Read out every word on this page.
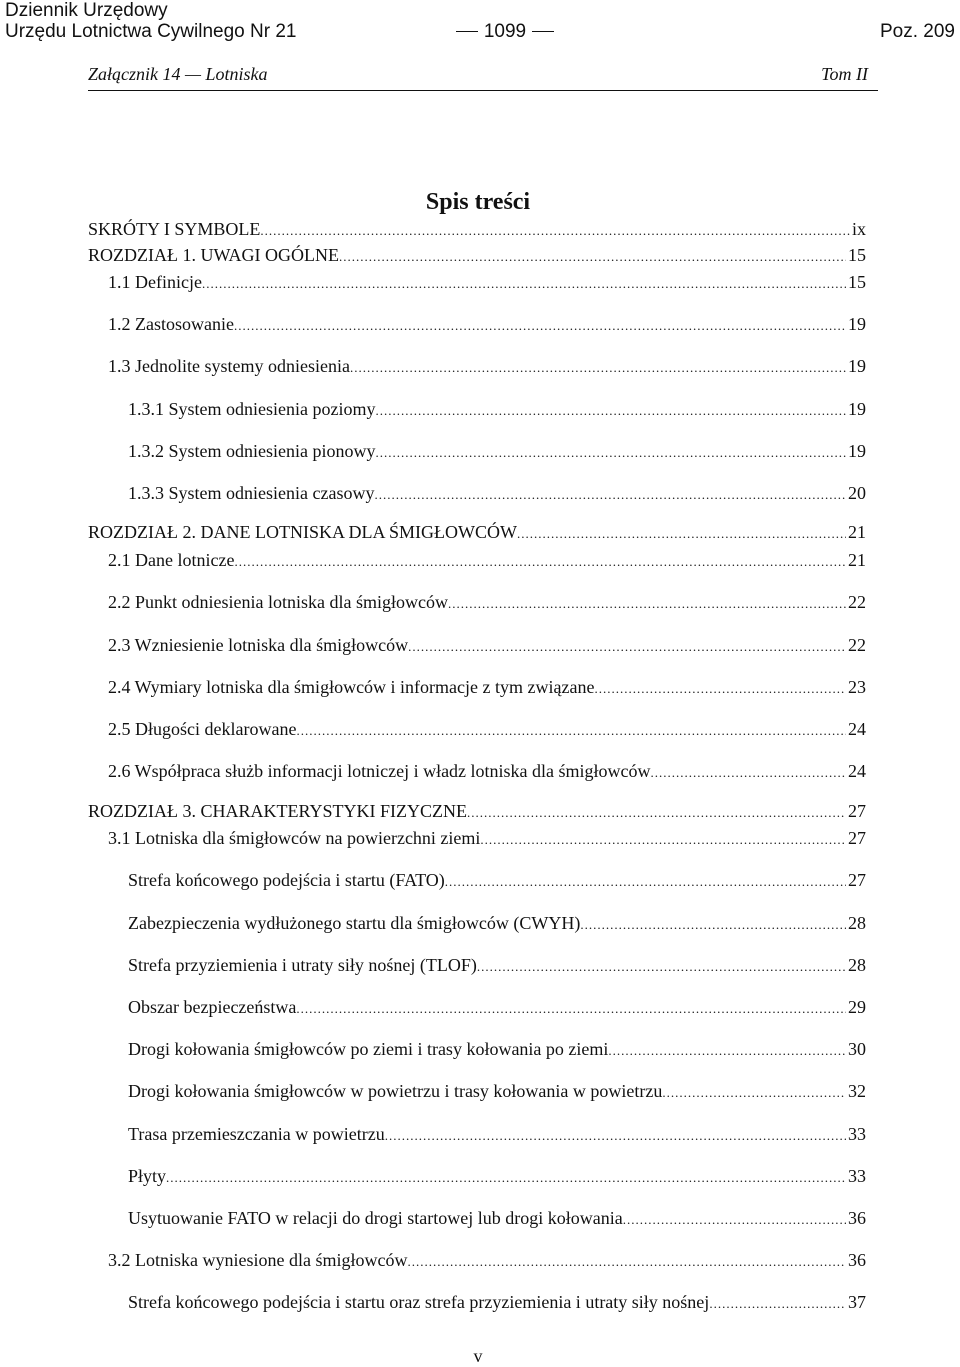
Dziennik Urzędowy
Urzędu Lotnictwa Cywilnego Nr 21	1099	Poz. 209
Załącznik 14 — Lotniska	Tom II
Spis treści
SKRÓTY I SYMBOLE .....	ix
ROZDZIAŁ 1. UWAGI OGÓLNE .....	15
1.1 Definicje .....	15
1.2 Zastosowanie .....	19
1.3 Jednolite systemy odniesienia .....	19
1.3.1 System odniesienia poziomy .....	19
1.3.2 System odniesienia pionowy .....	19
1.3.3 System odniesienia czasowy .....	20
ROZDZIAŁ 2. DANE LOTNISKA DLA ŚMIGŁOWCÓW .....	21
2.1 Dane lotnicze .....	21
2.2 Punkt odniesienia lotniska dla śmigłowców .....	22
2.3 Wzniesienie lotniska dla śmigłowców .....	22
2.4 Wymiary lotniska dla śmigłowców i informacje z tym związane .....	23
2.5 Długości deklarowane .....	24
2.6 Współpraca służb informacji lotniczej i władz lotniska dla śmigłowców .....	24
ROZDZIAŁ 3. CHARAKTERYSTYKI FIZYCZNE .....	27
3.1 Lotniska dla śmigłowców na powierzchni ziemi .....	27
Strefa końcowego podejścia i startu (FATO) .....	27
Zabezpieczenia wydłużonego startu dla śmigłowców (CWYH) .....	28
Strefa przyziemienia i utraty siły nośnej (TLOF) .....	28
Obszar bezpieczeństwa .....	29
Drogi kołowania śmigłowców po ziemi i trasy kołowania po ziemi .....	30
Drogi kołowania śmigłowców w powietrzu i trasy kołowania w powietrzu .....	32
Trasa przemieszczania w powietrzu .....	33
Płyty .....	33
Usytuowanie FATO w relacji do drogi startowej lub drogi kołowania .....	36
3.2 Lotniska wyniesione dla śmigłowców .....	36
Strefa końcowego podejścia i startu oraz strefa przyziemienia i utraty siły nośnej .....	37
v
